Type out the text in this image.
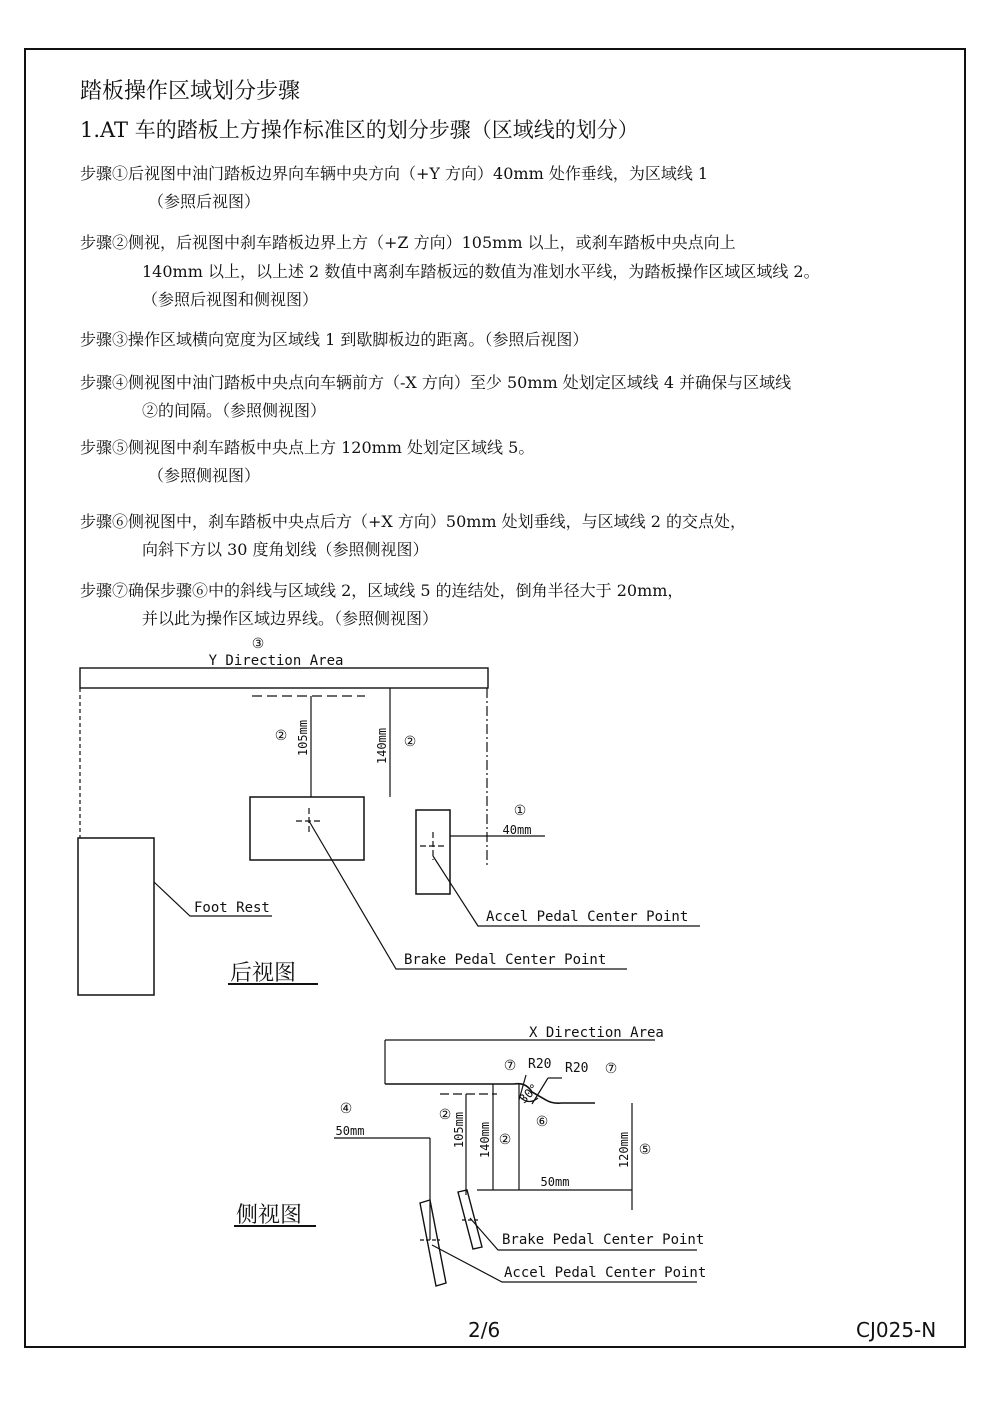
踏板操作区域划分步骤
1.AT 车的踏板上方操作标准区的划分步骤（区域线的划分）
步骤①后视图中油门踏板边界向车辆中央方向（+Y 方向）40mm 处作垂线，为区域线 1
（参照后视图）
步骤②侧视，后视图中刹车踏板边界上方（+Z 方向）105mm 以上，或刹车踏板中央点向上
140mm 以上，以上述 2 数值中离刹车踏板远的数值为准划水平线，为踏板操作区域区域线 2。
（参照后视图和侧视图）
步骤③操作区域横向宽度为区域线 1 到歇脚板边的距离。（参照后视图）
步骤④侧视图中油门踏板中央点向车辆前方（-X 方向）至少 50mm 处划定区域线 4 并确保与区域线
②的间隔。（参照侧视图）
步骤⑤侧视图中刹车踏板中央点上方 120mm 处划定区域线 5。
（参照侧视图）
步骤⑥侧视图中，刹车踏板中央点后方（+X 方向）50mm 处划垂线，与区域线 2 的交点处，
向斜下方以 30 度角划线（参照侧视图）
步骤⑦确保步骤⑥中的斜线与区域线 2，区域线 5 的连结处，倒角半径大于 20mm，
并以此为操作区域边界线。（参照侧视图）
③
Y Direction Area
②	②
105mm	140mm
①
40mm
Foot Rest
Accel Pedal Center Point
Brake Pedal Center Point
后视图
X Direction Area
⑦ R20 R20 ⑦
30°
⑥
④
50mm
② 105mm 140mm ②	120mm ⑤
50mm
Brake Pedal Center Point
Accel Pedal Center Point
侧视图
2/6	CJ025-N
